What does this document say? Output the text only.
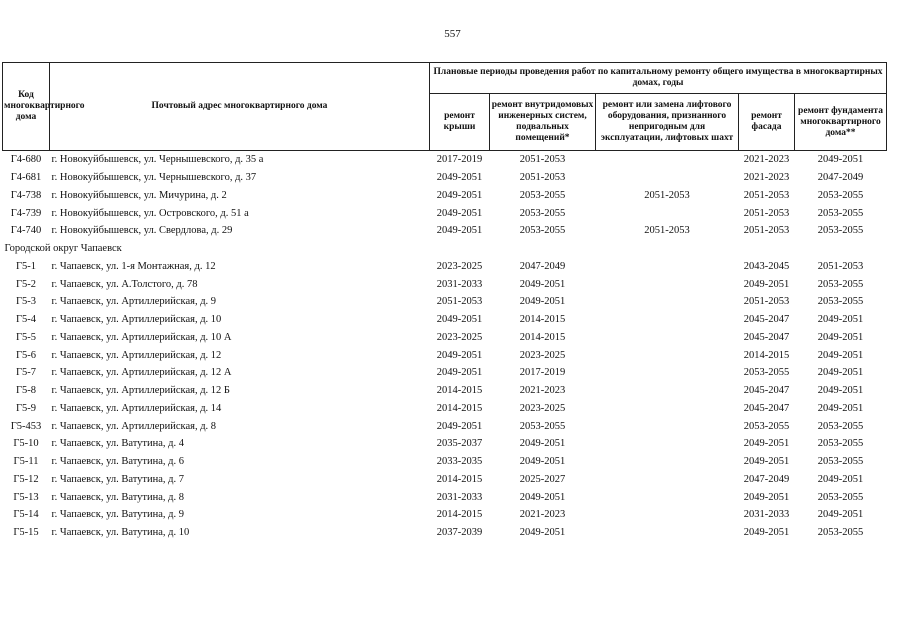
557
Код многоквартирного дома	Почтовый адрес многоквартирного дома	Плановые периоды проведения работ по капитальному ремонту общего имущества в многоквартирных домах, годы				
		ремонт крыши	ремонт внутридомовых инженерных систем, подвальных помещений*	ремонт или замена лифтового оборудования, признанного непригодным для эксплуатации, лифтовых шахт	ремонт фасада	ремонт фундамента многоквартирного дома**
Г4-680	г. Новокуйбышевск, ул. Чернышевского, д. 35 а	2017-2019	2051-2053		2021-2023	2049-2051
Г4-681	г. Новокуйбышевск, ул. Чернышевского, д. 37	2049-2051	2051-2053		2021-2023	2047-2049
Г4-738	г. Новокуйбышевск, ул. Мичурина, д. 2	2049-2051	2053-2055	2051-2053	2051-2053	2053-2055
Г4-739	г. Новокуйбышевск, ул. Островского, д. 51 а	2049-2051	2053-2055		2051-2053	2053-2055
Г4-740	г. Новокуйбышевск, ул. Свердлова, д. 29	2049-2051	2053-2055	2051-2053	2051-2053	2053-2055
Городской округ Чапаевск						
Г5-1	г. Чапаевск, ул. 1-я Монтажная, д. 12	2023-2025	2047-2049		2043-2045	2051-2053
Г5-2	г. Чапаевск, ул. А.Толстого, д. 78	2031-2033	2049-2051		2049-2051	2053-2055
Г5-3	г. Чапаевск, ул. Артиллерийская, д. 9	2051-2053	2049-2051		2051-2053	2053-2055
Г5-4	г. Чапаевск, ул. Артиллерийская, д. 10	2049-2051	2014-2015		2045-2047	2049-2051
Г5-5	г. Чапаевск, ул. Артиллерийская, д. 10 А	2023-2025	2014-2015		2045-2047	2049-2051
Г5-6	г. Чапаевск, ул. Артиллерийская, д. 12	2049-2051	2023-2025		2014-2015	2049-2051
Г5-7	г. Чапаевск, ул. Артиллерийская, д. 12 А	2049-2051	2017-2019		2053-2055	2049-2051
Г5-8	г. Чапаевск, ул. Артиллерийская, д. 12 Б	2014-2015	2021-2023		2045-2047	2049-2051
Г5-9	г. Чапаевск, ул. Артиллерийская, д. 14	2014-2015	2023-2025		2045-2047	2049-2051
Г5-453	г. Чапаевск, ул. Артиллерийская, д. 8	2049-2051	2053-2055		2053-2055	2053-2055
Г5-10	г. Чапаевск, ул. Ватутина, д. 4	2035-2037	2049-2051		2049-2051	2053-2055
Г5-11	г. Чапаевск, ул. Ватутина, д. 6	2033-2035	2049-2051		2049-2051	2053-2055
Г5-12	г. Чапаевск, ул. Ватутина, д. 7	2014-2015	2025-2027		2047-2049	2049-2051
Г5-13	г. Чапаевск, ул. Ватутина, д. 8	2031-2033	2049-2051		2049-2051	2053-2055
Г5-14	г. Чапаевск, ул. Ватутина, д. 9	2014-2015	2021-2023		2031-2033	2049-2051
Г5-15	г. Чапаевск, ул. Ватутина, д. 10	2037-2039	2049-2051		2049-2051	2053-2055
